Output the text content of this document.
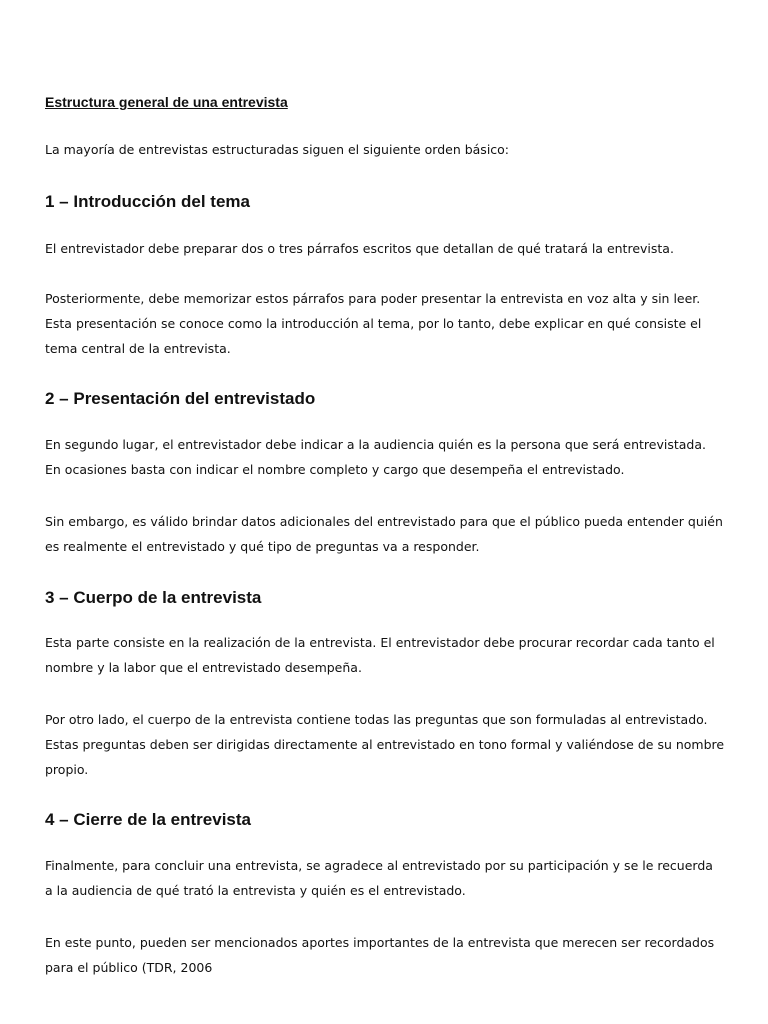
Estructura general de una entrevista

La mayoría de entrevistas estructuradas siguen el siguiente orden básico:

1 – Introducción del tema

El entrevistador debe preparar dos o tres párrafos escritos que detallan de qué tratará la entrevista.

Posteriormente, debe memorizar estos párrafos para poder presentar la entrevista en voz alta y sin leer.
Esta presentación se conoce como la introducción al tema, por lo tanto, debe explicar en qué consiste el
tema central de la entrevista.

2 – Presentación del entrevistado

En segundo lugar, el entrevistador debe indicar a la audiencia quién es la persona que será entrevistada.
En ocasiones basta con indicar el nombre completo y cargo que desempeña el entrevistado.

Sin embargo, es válido brindar datos adicionales del entrevistado para que el público pueda entender quién
es realmente el entrevistado y qué tipo de preguntas va a responder.

3 – Cuerpo de la entrevista

Esta parte consiste en la realización de la entrevista. El entrevistador debe procurar recordar cada tanto el
nombre y la labor que el entrevistado desempeña.

Por otro lado, el cuerpo de la entrevista contiene todas las preguntas que son formuladas al entrevistado.
Estas preguntas deben ser dirigidas directamente al entrevistado en tono formal y valiéndose de su nombre
propio.

4 – Cierre de la entrevista

Finalmente, para concluir una entrevista, se agradece al entrevistado por su participación y se le recuerda
a la audiencia de qué trató la entrevista y quién es el entrevistado.

En este punto, pueden ser mencionados aportes importantes de la entrevista que merecen ser recordados
para el público (TDR, 2006
